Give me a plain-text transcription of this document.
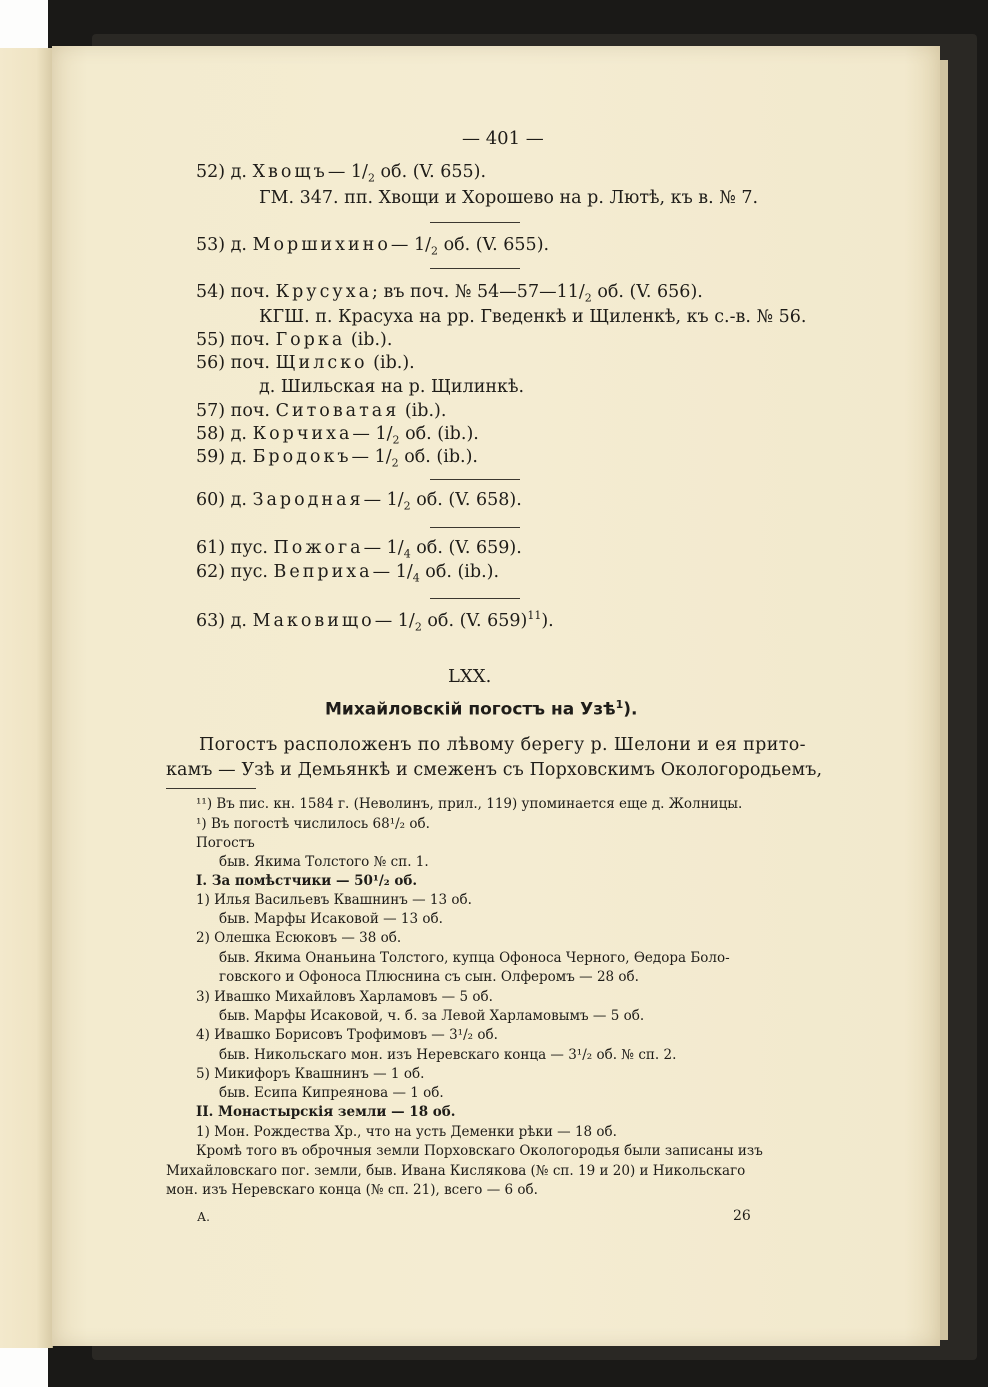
— 401 —
52) д. Хвощъ— $1/_2$ об. (V. 655).
ГМ. 347. пп. Хвощи и Хорошево на р. Лютѣ, къ в. № 7.
53) д. Моршихино— $1/_2$ об. (V. 655).
54) поч. Крусуха; въ поч. № $54—57—11/_2$ об. (V. 656).
КГШ. п. Красуха на рр. Гведенкѣ и Щиленкѣ, къ с.-в. № 56.
55) поч. Горка (ib.).
56) поч. Щилско (ib.).
д. Шильская на р. Щилинкѣ.
57) поч. Ситоватая (ib.).
58) д. Корчиха— $1/_2$ об. (ib.).
59) д. Бродокъ— $1/_2$ об. (ib.).
60) д. Зародная— $1/_2$ об. (V. 658).
61) пус. Пожога— $1/_4$ об. (V. 659).
62) пус. Веприха— $1/_4$ об. (ib.).
63) д. Маковищо— $1/_2$ об. (V. 659)$^{11}$).
LXX.
Михайловскій погостъ на Узѣ$^1$).
Погостъ расположенъ по лѣвому берегу р. Шелони и ея прито-
камъ — Узѣ и Демьянкѣ и смеженъ съ Порховскимъ Окологородьемъ,
¹¹) Въ пис. кн. 1584 г. (Неволинъ, прил., 119) упоминается еще д. Жолницы.
¹) Въ погостѣ числилось 68¹/₂ об.
Погостъ
быв. Якима Толстого № сп. 1.
I. За помѣстчики — 50¹/₂ об.
1) Илья Васильевъ Квашнинъ — 13 об.
быв. Марфы Исаковой — 13 об.
2) Олешка Есюковъ — 38 об.
быв. Якима Онаньина Толстого, купца Офоноса Черного, Өедора Боло-
говского и Офоноса Плюснина съ сын. Олферомъ — 28 об.
3) Ивашко Михайловъ Харламовъ — 5 об.
быв. Марфы Исаковой, ч. б. за Левой Харламовымъ — 5 об.
4) Ивашко Борисовъ Трофимовъ — 3¹/₂ об.
быв. Никольскаго мон. изъ Неревскаго конца — 3¹/₂ об. № сп. 2.
5) Микифоръ Квашнинъ — 1 об.
быв. Есипа Кипреянова — 1 об.
II. Монастырскія земли — 18 об.
1) Мон. Рождества Хр., что на усть Деменки рѣки — 18 об.
Кромѣ того въ оброчныя земли Порховскаго Окологородья были записаны изъ
Михайловскаго пог. земли, быв. Ивана Кислякова (№ сп. 19 и 20) и Никольскаго
мон. изъ Неревскаго конца (№ сп. 21), всего — 6 об.
А.	26
